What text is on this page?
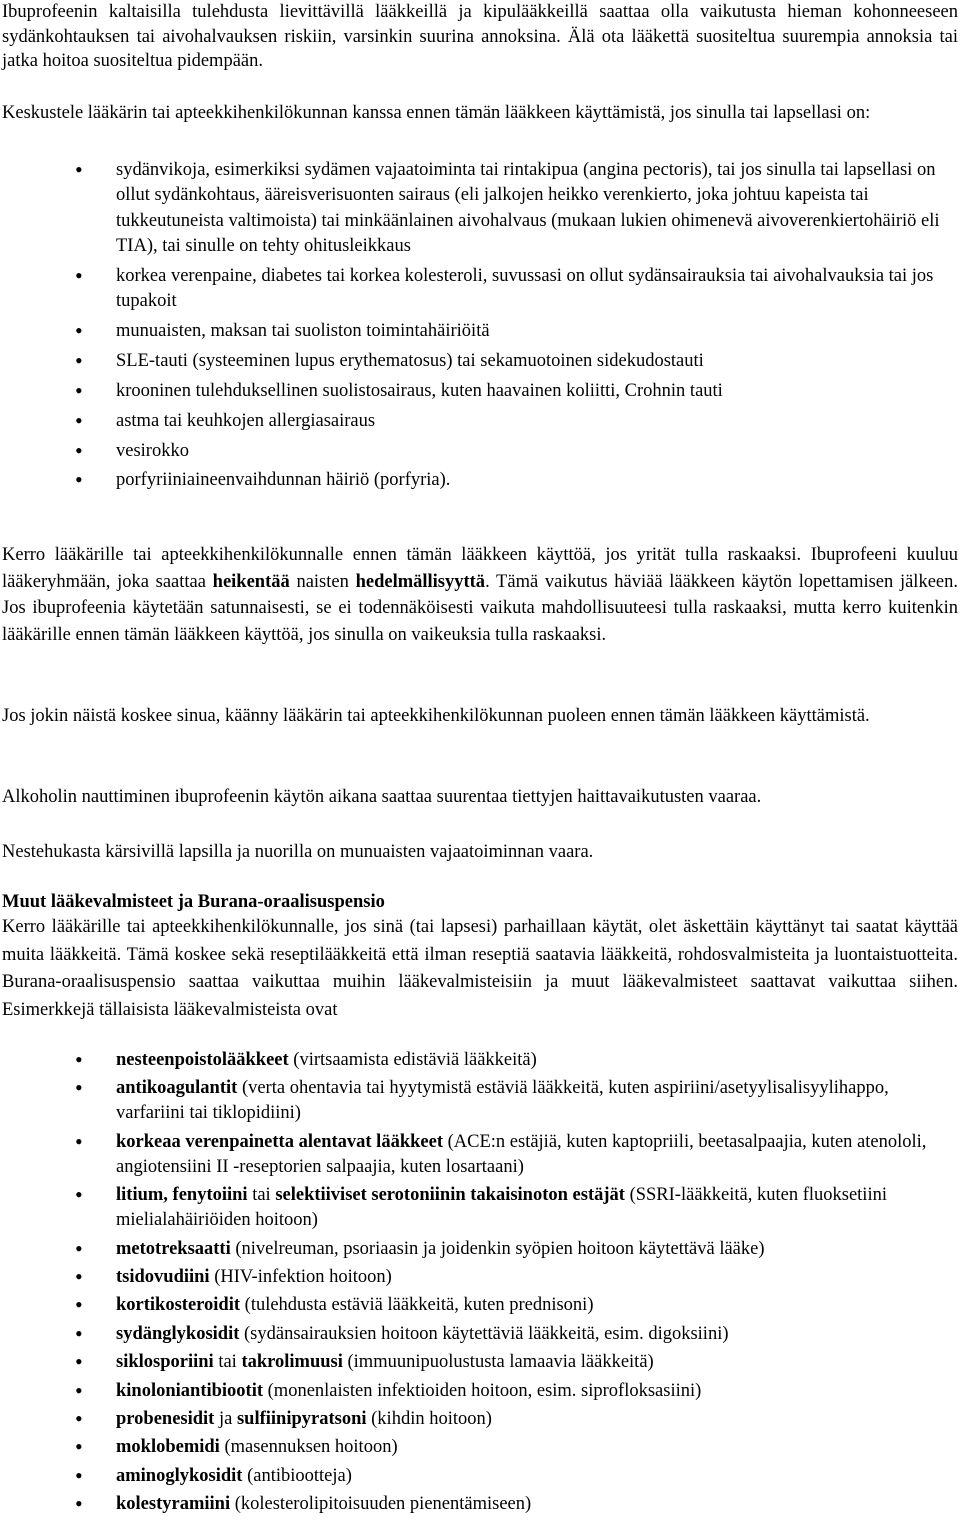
Ibuprofeenin kaltaisilla tulehdusta lievittävillä lääkkeillä ja kipulääkkeillä saattaa olla vaikutusta hieman kohonneeseen sydänkohtauksen tai aivohalvauksen riskiin, varsinkin suurina annoksina. Älä ota lääkettä suositeltua suurempia annoksia tai jatka hoitoa suositeltua pidempään.

Keskustele lääkärin tai apteekkihenkilökunnan kanssa ennen tämän lääkkeen käyttämistä, jos sinulla tai lapsellasi on:

• sydänvikoja, esimerkiksi sydämen vajaatoiminta tai rintakipua (angina pectoris), tai jos sinulla tai lapsellasi on ollut sydänkohtaus, ääreisverisuonten sairaus (eli jalkojen heikko verenkierto, joka johtuu kapeista tai tukkeutuneista valtimoista) tai minkäänlainen aivohalvaus (mukaan lukien ohimenevä aivoverenkiertohäiriö eli TIA), tai sinulle on tehty ohitusleikkaus
• korkea verenpaine, diabetes tai korkea kolesteroli, suvussasi on ollut sydänsairauksia tai aivohalvauksia tai jos tupakoit
• munuaisten, maksan tai suoliston toimintahäiriöitä
• SLE-tauti (systeeminen lupus erythematosus) tai sekamuotoinen sidekudostauti
• krooninen tulehduksellinen suolistosairaus, kuten haavainen koliitti, Crohnin tauti
• astma tai keuhkojen allergiasairaus
• vesirokko
• porfyriiniaineenvaihdunnan häiriö (porfyria).

Kerro lääkärille tai apteekkihenkilökunnalle ennen tämän lääkkeen käyttöä, jos yrität tulla raskaaksi. Ibuprofeeni kuuluu lääkeryhmään, joka saattaa heikentää naisten hedelmällisyyttä. Tämä vaikutus häviää lääkkeen käytön lopettamisen jälkeen. Jos ibuprofeenia käytetään satunnaisesti, se ei todennäköisesti vaikuta mahdollisuuteesi tulla raskaaksi, mutta kerro kuitenkin lääkärille ennen tämän lääkkeen käyttöä, jos sinulla on vaikeuksia tulla raskaaksi.

Jos jokin näistä koskee sinua, käänny lääkärin tai apteekkihenkilökunnan puoleen ennen tämän lääkkeen käyttämistä.

Alkoholin nauttiminen ibuprofeenin käytön aikana saattaa suurentaa tiettyjen haittavaikutusten vaaraa.

Nestehukasta kärsivillä lapsilla ja nuorilla on munuaisten vajaatoiminnan vaara.

Muut lääkevalmisteet ja Burana-oraalisuspensio

Kerro lääkärille tai apteekkihenkilökunnalle, jos sinä (tai lapsesi) parhaillaan käytät, olet äskettäin käyttänyt tai saatat käyttää muita lääkkeitä. Tämä koskee sekä reseptilääkkeitä että ilman reseptiä saatavia lääkkeitä, rohdosvalmisteita ja luontaistuotteita. Burana-oraalisuspensio saattaa vaikuttaa muihin lääkevalmisteisiin ja muut lääkevalmisteet saattavat vaikuttaa siihen. Esimerkkejä tällaisista lääkevalmisteista ovat

• nesteenpoistolääkkeet (virtsaamista edistäviä lääkkeitä)
• antikoagulantit (verta ohentavia tai hyytymistä estäviä lääkkeitä, kuten aspiriini/asetyylisalisyylihappo, varfariini tai tiklopidiini)
• korkeaa verenpainetta alentavat lääkkeet (ACE:n estäjiä, kuten kaptopriili, beetasalpaajia, kuten atenololi, angiotensiini II -reseptorien salpaajia, kuten losartaani)
• litium, fenytoiini tai selektiiviset serotoniinin takaisinoton estäjät (SSRI-lääkkeitä, kuten fluoksetiini mielialahäiriöiden hoitoon)
• metotreksaatti (nivelreuman, psoriaasin ja joidenkin syöpien hoitoon käytettävä lääke)
• tsidovudiini (HIV-infektion hoitoon)
• kortikosteroidit (tulehdusta estäviä lääkkeitä, kuten prednisoni)
• sydänglykosidit (sydänsairauksien hoitoon käytettäviä lääkkeitä, esim. digoksiini)
• siklosporiini tai takrolimuusi (immuunipuolustusta lamaavia lääkkeitä)
• kinoloniantibiootit (monenlaisten infektioiden hoitoon, esim. siprofloksasiini)
• probenesidit ja sulfiinipyratsoni (kihdin hoitoon)
• moklobemidi (masennuksen hoitoon)
• aminoglykosidit (antibiootteja)
• kolestyramiini (kolesterolipitoisuuden pienentämiseen)
